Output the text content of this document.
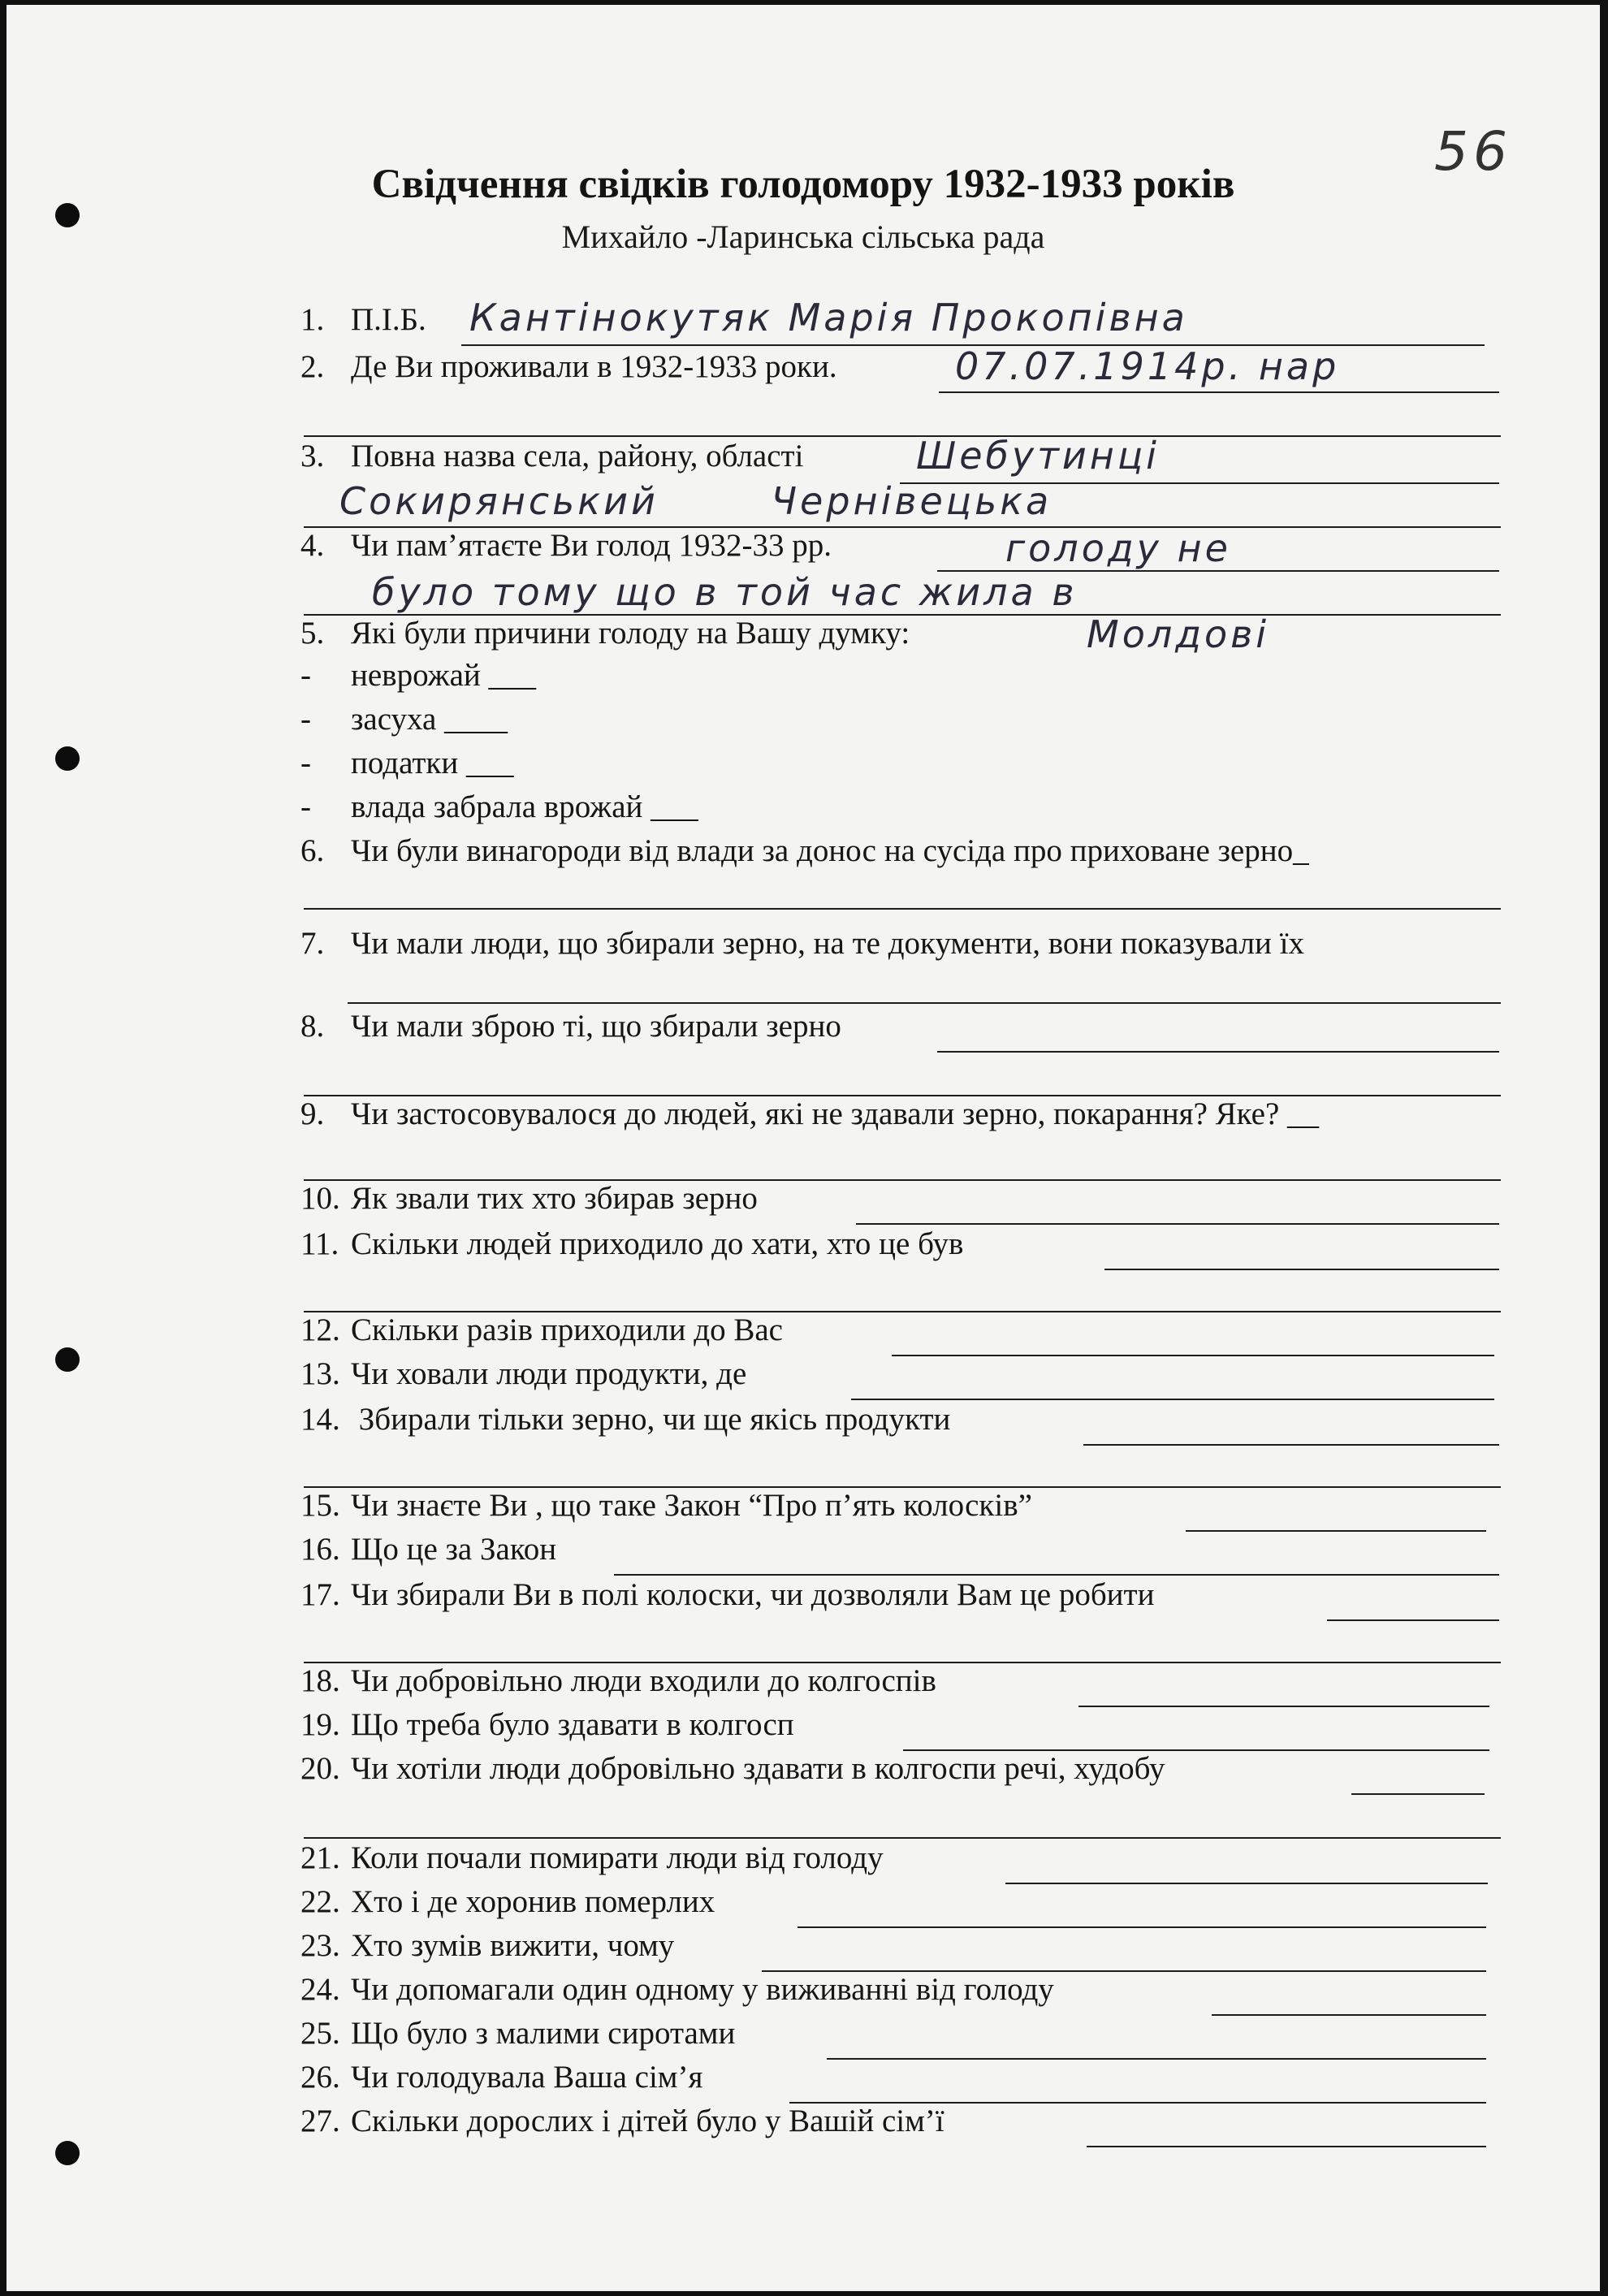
56
Свідчення свідків голодомору 1932-1933 років
Михайло -Ларинська сільська рада
1. П.І.Б. Кантінокутяк Марія Прокопівна
2. Де Ви проживали в 1932-1933 роки.	07.07.1914р. нар
3. Повна назва села, району, області	Шебутинці
Сокирянський Чернівецька
4. Чи пам’ятаєте Ви голод 1932-33 рр.	голоду не
було тому що в той час жила в
5. Які були причини голоду на Вашу думку:	Молдові
- неврожай ___
- засуха ____
- податки ___
- влада забрала врожай ___
6. Чи були винагороди від влади за донос на сусіда про приховане зерно_
7. Чи мали люди, що збирали зерно, на те документи, вони показували їх
8. Чи мали зброю ті, що збирали зерно
9. Чи застосовувалося до людей, які не здавали зерно, покарання? Яке? __
10. Як звали тих хто збирав зерно
11. Скільки людей приходило до хати, хто це був
12. Скільки разів приходили до Вас
13. Чи ховали люди продукти, де
14. Збирали тільки зерно, чи ще якісь продукти
15. Чи знаєте Ви , що таке Закон “Про п’ять колосків”
16. Що це за Закон
17. Чи збирали Ви в полі колоски, чи дозволяли Вам це робити
18. Чи добровільно люди входили до колгоспів
19. Що треба було здавати в колгосп
20. Чи хотіли люди добровільно здавати в колгоспи речі, худобу
21. Коли почали помирати люди від голоду
22. Хто і де хоронив померлих
23. Хто зумів вижити, чому
24. Чи допомагали один одному у виживанні від голоду
25. Що було з малими сиротами
26. Чи голодувала Ваша сім’я
27. Скільки дорослих і дітей було у Вашій сім’ї
